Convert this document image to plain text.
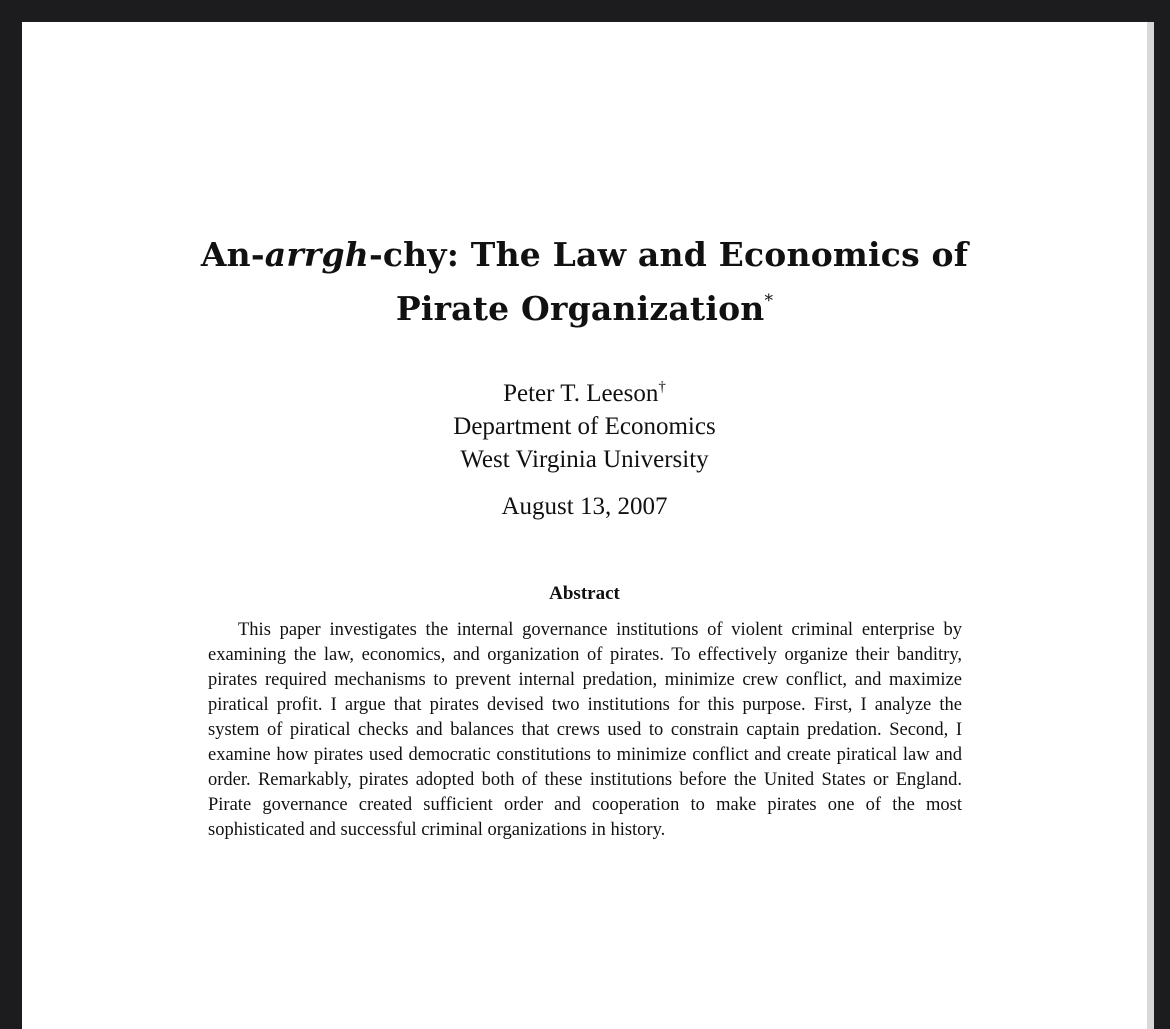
An-arrgh-chy: The Law and Economics of
Pirate Organization*
Peter T. Leeson†
Department of Economics
West Virginia University
August 13, 2007
Abstract
This paper investigates the internal governance institutions of violent criminal enterprise by examining the law, economics, and organization of pirates. To effectively organize their banditry, pirates required mechanisms to prevent internal predation, minimize crew conflict, and maximize piratical profit. I argue that pirates devised two institutions for this purpose. First, I analyze the system of piratical checks and balances that crews used to constrain captain predation. Second, I examine how pirates used democratic constitutions to minimize conflict and create piratical law and order. Remarkably, pirates adopted both of these institutions before the United States or England. Pirate governance created sufficient order and cooperation to make pirates one of the most sophisticated and successful criminal organizations in history.
